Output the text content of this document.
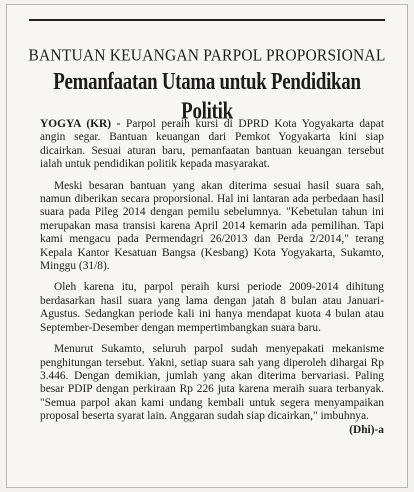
BANTUAN KEUANGAN PARPOL PROPORSIONAL
Pemanfaatan Utama untuk Pendidikan Politik

YOGYA (KR) - Parpol peraih kursi di DPRD Kota Yogyakarta dapat angin segar. Bantuan keuangan dari Pemkot Yogyakarta kini siap dicairkan. Sesuai aturan baru, pemanfaatan bantuan keuangan tersebut ialah untuk pendidikan politik kepada masyarakat.

Meski besaran bantuan yang akan diterima sesuai hasil suara sah, namun diberikan secara proporsional. Hal ini lantaran ada perbedaan hasil suara pada Pileg 2014 dengan pemilu sebelumnya. "Kebetulan tahun ini merupakan masa transisi karena April 2014 kemarin ada pemilihan. Tapi kami mengacu pada Permendagri 26/2013 dan Perda 2/2014," terang Kepala Kantor Kesatuan Bangsa (Kesbang) Kota Yogyakarta, Sukamto, Minggu (31/8).

Oleh karena itu, parpol peraih kursi periode 2009-2014 dihitung berdasarkan hasil suara yang lama dengan jatah 8 bulan atau Januari-Agustus. Sedangkan periode kali ini hanya mendapat kuota 4 bulan atau September-Desember dengan mempertimbangkan suara baru.

Menurut Sukamto, seluruh parpol sudah menyepakati mekanisme penghitungan tersebut. Yakni, setiap suara sah yang diperoleh dihargai Rp 3.446. Dengan demikian, jumlah yang akan diterima bervariasi. Paling besar PDIP dengan perkiraan Rp 226 juta karena meraih suara terbanyak. "Semua parpol akan kami undang kembali untuk segera menyampaikan proposal beserta syarat lain. Anggaran sudah siap dicairkan," imbuhnya.
(Dhi)-a
